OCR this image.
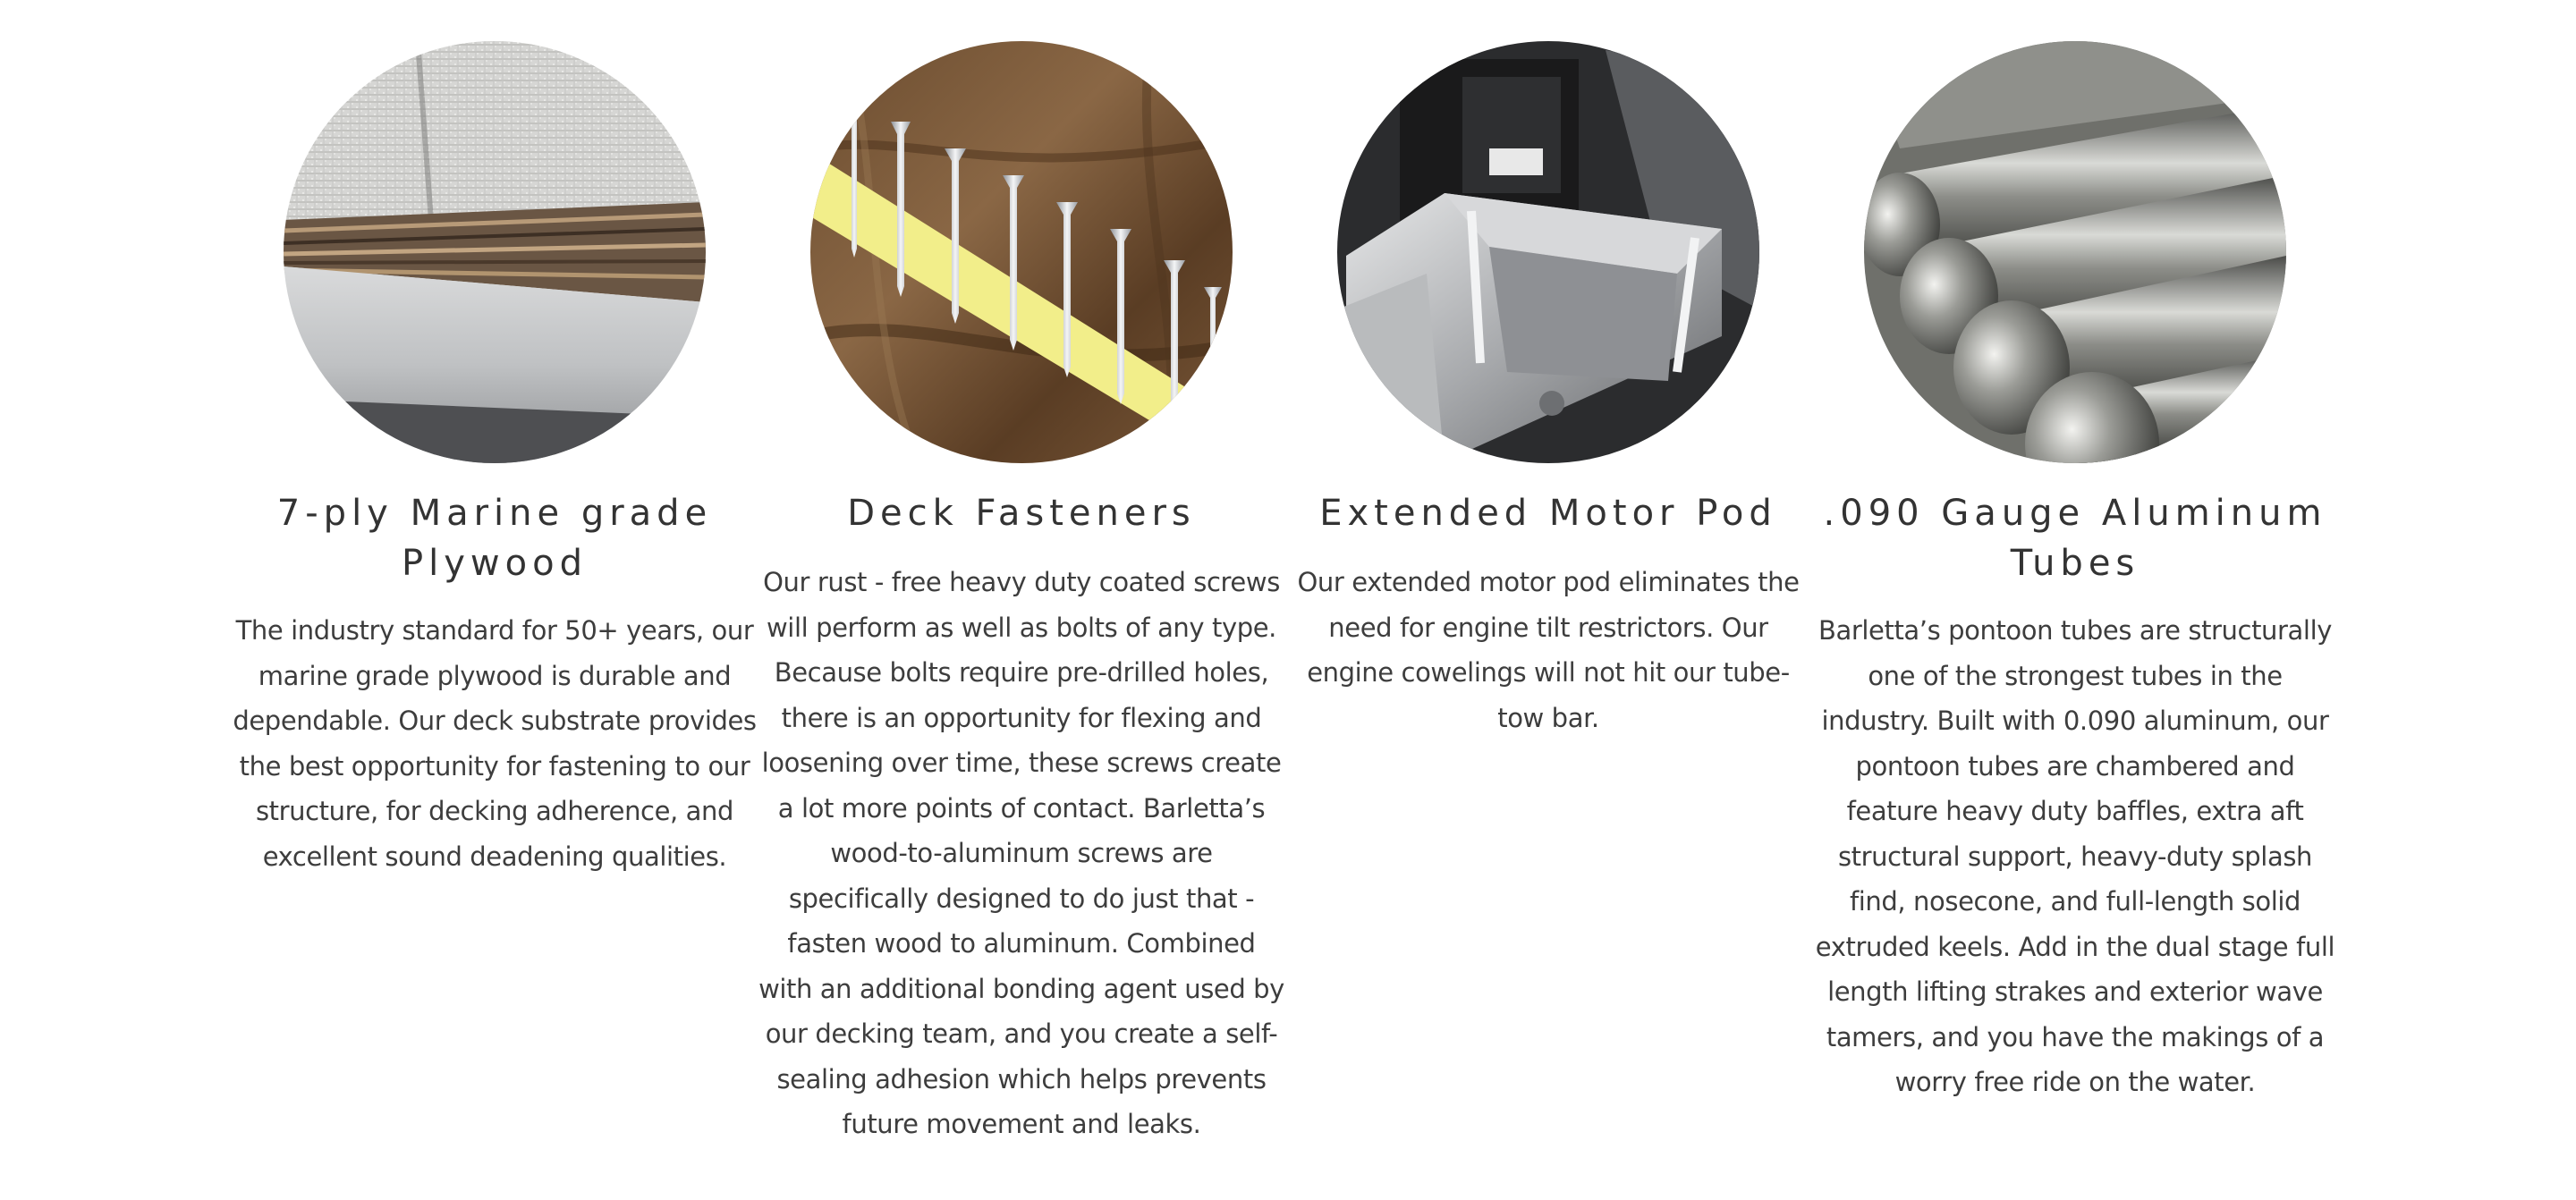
7-ply Marine grade Plywood

The industry standard for 50+ years, our marine grade plywood is durable and dependable. Our deck substrate provides the best opportunity for fastening to our structure, for decking adherence, and excellent sound deadening qualities.

Deck Fasteners

Our rust - free heavy duty coated screws will perform as well as bolts of any type. Because bolts require pre-drilled holes, there is an opportunity for flexing and loosening over time, these screws create a lot more points of contact. Barletta’s wood-to-aluminum screws are specifically designed to do just that - fasten wood to aluminum. Combined with an additional bonding agent used by our decking team, and you create a self-sealing adhesion which helps prevents future movement and leaks.

Extended Motor Pod

Our extended motor pod eliminates the need for engine tilt restrictors. Our engine cowelings will not hit our tube-tow bar.

.090 Gauge Aluminum Tubes

Barletta’s pontoon tubes are structurally one of the strongest tubes in the industry. Built with 0.090 aluminum, our pontoon tubes are chambered and feature heavy duty baffles, extra aft structural support, heavy-duty splash find, nosecone, and full-length solid extruded keels. Add in the dual stage full length lifting strakes and exterior wave tamers, and you have the makings of a worry free ride on the water.
